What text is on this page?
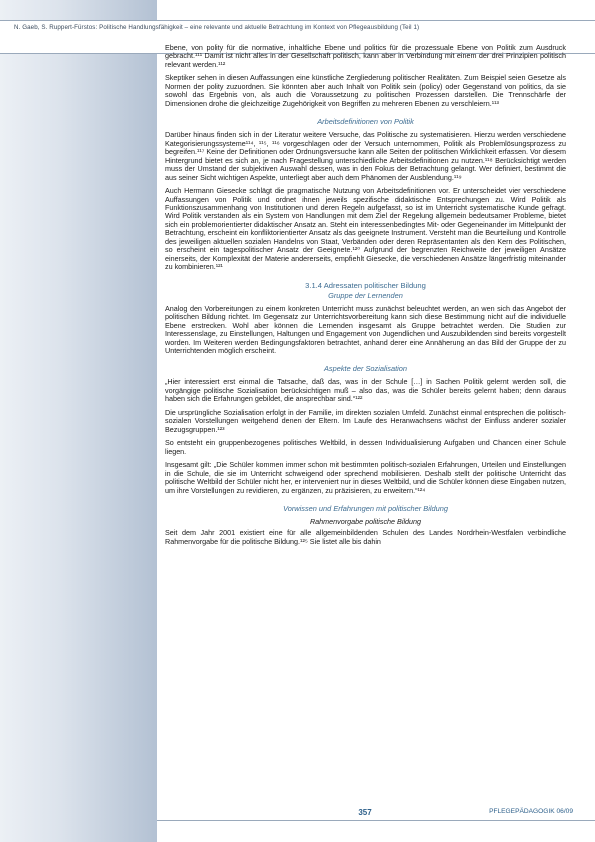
N. Gaeb, S. Ruppert-Fürstos: Politische Handlungsfähigkeit – eine relevante und aktuelle Betrachtung im Kontext von Pflegeausbildung (Teil 1)

Ebene, von polity für die normative, inhaltliche Ebene und politics für die prozessuale Ebene von Politik zum Ausdruck gebracht.¹¹¹ Damit ist nicht alles in der Gesellschaft politisch, kann aber in Verbindung mit einem der drei Prinzipien politisch relevant werden.¹¹²

Skeptiker sehen in diesen Auffassungen eine künstliche Zergliederung politischer Realitäten. Zum Beispiel seien Gesetze als Normen der polity zuzuordnen. Sie könnten aber auch Inhalt von Politik sein (policy) oder Gegenstand von politics, da sie sowohl das Ergebnis von, als auch die Voraussetzung zu politischen Prozessen darstellen. Die Trennschärfe der Dimensionen drohe die gleichzeitige Zugehörigkeit von Begriffen zu mehreren Ebenen zu verschleiern.¹¹³

Arbeitsdefinitionen von Politik

Darüber hinaus finden sich in der Literatur weitere Versuche, das Politische zu systematisieren. Hierzu werden verschiedene Kategorisierungssysteme¹¹⁴, ¹¹⁵, ¹¹⁶ vorgeschlagen oder der Versuch unternommen, Politik als Problemlösungsprozess zu begreifen.¹¹⁷ Keine der Definitionen oder Ordnungsversuche kann alle Seiten der politischen Wirklichkeit erfassen. Vor diesem Hintergrund bietet es sich an, je nach Fragestellung unterschiedliche Arbeitsdefinitionen zu nutzen.¹¹⁸ Berücksichtigt werden muss der Umstand der subjektiven Auswahl dessen, was in den Fokus der Betrachtung gelangt. Wer definiert, bestimmt die aus seiner Sicht wichtigen Aspekte, unterliegt aber auch dem Phänomen der Ausblendung.¹¹⁹

Auch Hermann Giesecke schlägt die pragmatische Nutzung von Arbeitsdefinitionen vor. Er unterscheidet vier verschiedene Auffassungen von Politik und ordnet ihnen jeweils spezifische didaktische Entsprechungen zu. Wird Politik als Funktionszusammenhang von Institutionen und deren Regeln aufgefasst, so ist im Unterricht systematische Kunde gefragt. Wird Politik verstanden als ein System von Handlungen mit dem Ziel der Regelung allgemein bedeutsamer Probleme, bietet sich ein problemorientierter didaktischer Ansatz an. Steht ein interessenbedingtes Mit- oder Gegeneinander im Mittelpunkt der Betrachtung, erscheint ein konfliktorientierter Ansatz als das geeignete Instrument. Versteht man die Beurteilung und Kontrolle des jeweiligen aktuellen sozialen Handelns von Staat, Verbänden oder deren Repräsentanten als den Kern des Politischen, so erscheint ein tagespolitischer Ansatz der Geeignete.¹²⁰ Aufgrund der begrenzten Reichweite der jeweiligen Ansätze einerseits, der Komplexität der Materie andererseits, empfiehlt Giesecke, die verschiedenen Ansätze längerfristig miteinander zu kombinieren.¹²¹

3.1.4 Adressaten politischer Bildung
Gruppe der Lernenden

Analog den Vorbereitungen zu einem konkreten Unterricht muss zunächst beleuchtet werden, an wen sich das Angebot der politischen Bildung richtet. Im Gegensatz zur Unterrichtsvorbereitung kann sich diese Bestimmung nicht auf die individuelle Ebene erstrecken. Wohl aber können die Lernenden insgesamt als Gruppe betrachtet werden. Die Studien zur Interessenslage, zu Einstellungen, Haltungen und Engagement von Jugendlichen und Auszubildenden sind bereits vorgestellt worden. Im Weiteren werden Bedingungsfaktoren betrachtet, anhand derer eine Annäherung an das Bild der Gruppe der zu Unterrichtenden möglich erscheint.

Aspekte der Sozialisation

„Hier interessiert erst einmal die Tatsache, daß das, was in der Schule […] in Sachen Politik gelernt werden soll, die vorgängige politische Sozialisation berücksichtigen muß – also das, was die Schüler bereits gelernt haben; denn daraus haben sich die Erfahrungen gebildet, die ansprechbar sind.“¹²²

Die ursprüngliche Sozialisation erfolgt in der Familie, im direkten sozialen Umfeld. Zunächst einmal entsprechen die politisch-sozialen Vorstellungen weitgehend denen der Eltern. Im Laufe des Heranwachsens wächst der Einfluss anderer sozialer Bezugsgruppen.¹²³

So entsteht ein gruppenbezogenes politisches Weltbild, in dessen Individualisierung Aufgaben und Chancen einer Schule liegen.

Insgesamt gilt: „Die Schüler kommen immer schon mit bestimmten politisch-sozialen Erfahrungen, Urteilen und Einstellungen in die Schule, die sie im Unterricht schweigend oder sprechend mobilisieren. Deshalb stellt der politische Unterricht das politische Weltbild der Schüler nicht her, er interveniert nur in dieses Weltbild, und die Schüler können diese Eingaben nutzen, um ihre Vorstellungen zu revidieren, zu ergänzen, zu präzisieren, zu erweitern.“¹²⁴

Vorwissen und Erfahrungen mit politischer Bildung
Rahmenvorgabe politische Bildung

Seit dem Jahr 2001 existiert eine für alle allgemeinbildenden Schulen des Landes Nordrhein-Westfalen verbindliche Rahmenvorgabe für die politische Bildung.¹²⁵ Sie listet alle bis dahin

357	PFLEGEPÄDAGOGIK 06/09
